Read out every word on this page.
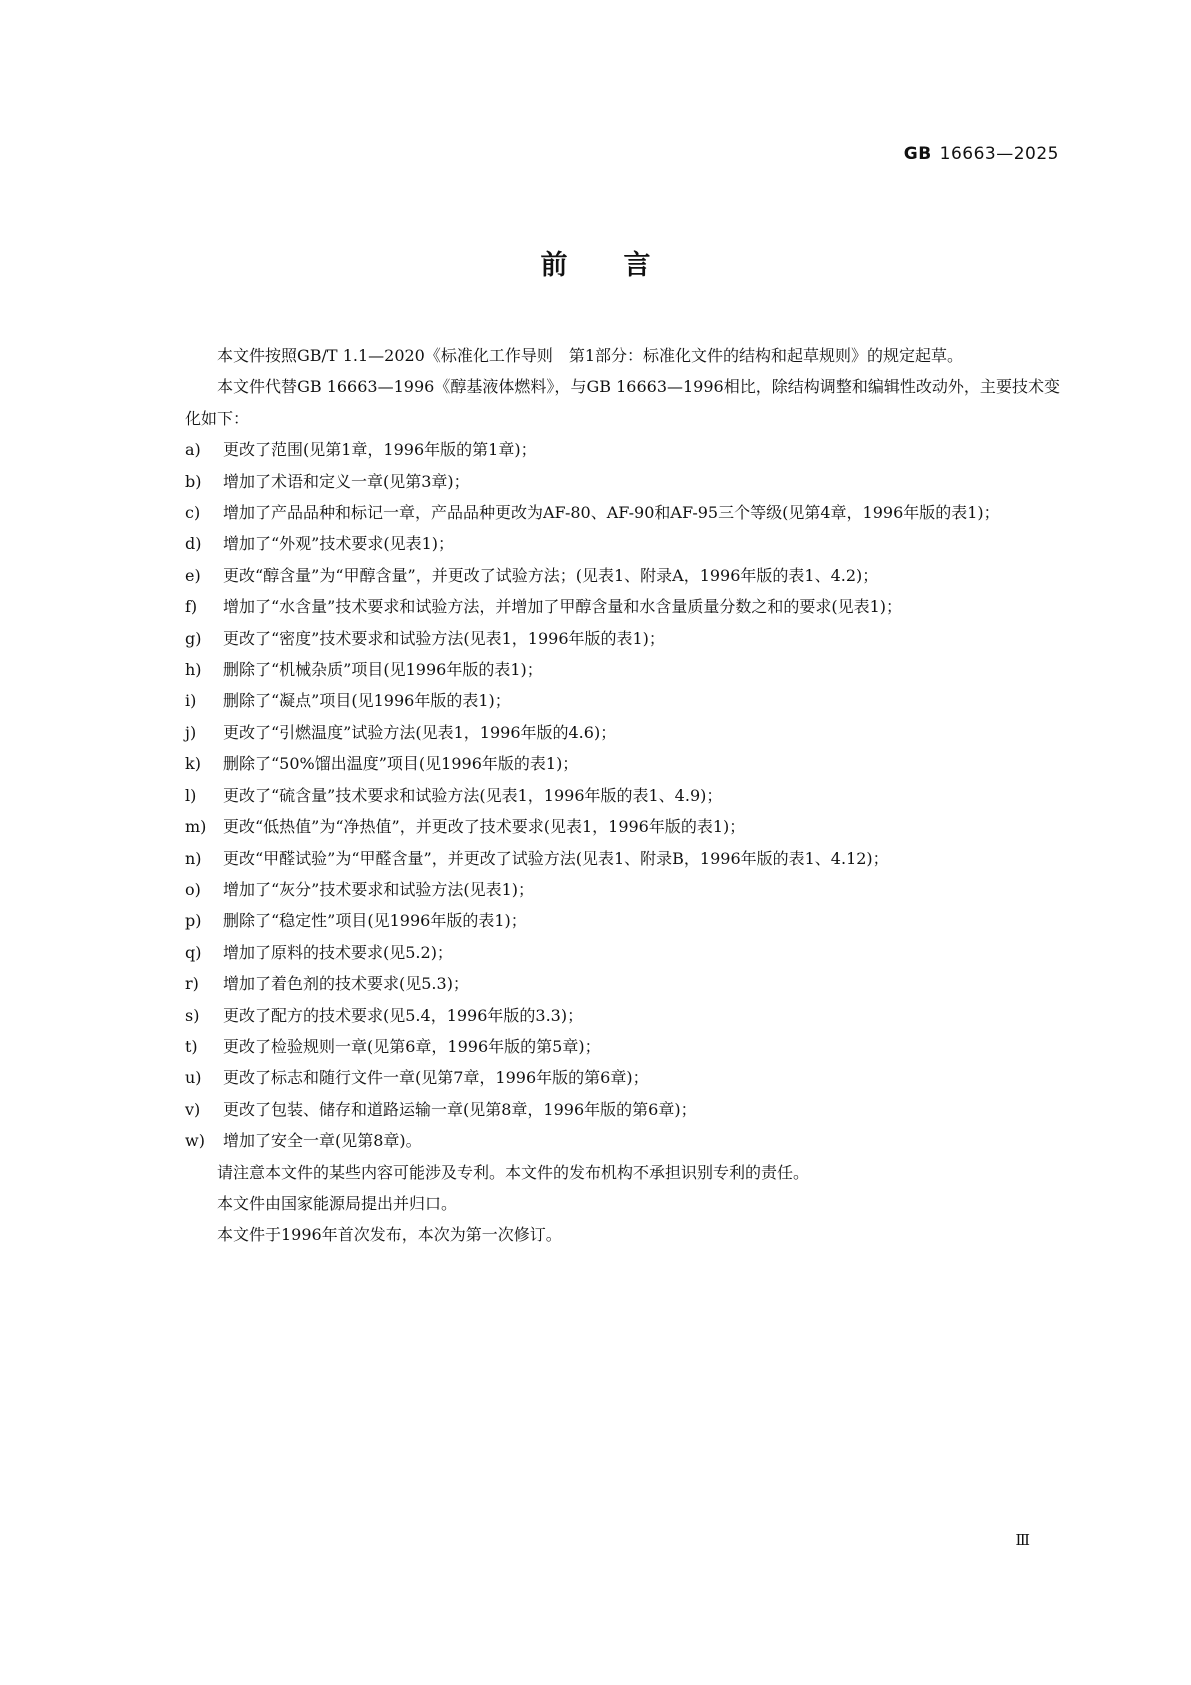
GB 16663—2025
前 言

本文件按照GB/T 1.1—2020《标准化工作导则　第1部分：标准化文件的结构和起草规则》的规定起草。

本文件代替GB 16663—1996《醇基液体燃料》，与GB 16663—1996相比，除结构调整和编辑性改动外，主要技术变化如下：

a)	更改了范围(见第1章，1996年版的第1章)；
b)	增加了术语和定义一章(见第3章)；
c)	增加了产品品种和标记一章，产品品种更改为AF-80、AF-90和AF-95三个等级(见第4章，1996年版的表1)；
d)	增加了“外观”技术要求(见表1)；
e)	更改“醇含量”为“甲醇含量”，并更改了试验方法；(见表1、附录A，1996年版的表1、4.2)；
f)	增加了“水含量”技术要求和试验方法，并增加了甲醇含量和水含量质量分数之和的要求(见表1)；
g)	更改了“密度”技术要求和试验方法(见表1，1996年版的表1)；
h)	删除了“机械杂质”项目(见1996年版的表1)；
i)	删除了“凝点”项目(见1996年版的表1)；
j)	更改了“引燃温度”试验方法(见表1，1996年版的4.6)；
k)	删除了“50%馏出温度”项目(见1996年版的表1)；
l)	更改了“硫含量”技术要求和试验方法(见表1，1996年版的表1、4.9)；
m)	更改“低热值”为“净热值”，并更改了技术要求(见表1，1996年版的表1)；
n)	更改“甲醛试验”为“甲醛含量”，并更改了试验方法(见表1、附录B，1996年版的表1、4.12)；
o)	增加了“灰分”技术要求和试验方法(见表1)；
p)	删除了“稳定性”项目(见1996年版的表1)；
q)	增加了原料的技术要求(见5.2)；
r)	增加了着色剂的技术要求(见5.3)；
s)	更改了配方的技术要求(见5.4，1996年版的3.3)；
t)	更改了检验规则一章(见第6章，1996年版的第5章)；
u)	更改了标志和随行文件一章(见第7章，1996年版的第6章)；
v)	更改了包装、储存和道路运输一章(见第8章，1996年版的第6章)；
w)	增加了安全一章(见第8章)。

请注意本文件的某些内容可能涉及专利。本文件的发布机构不承担识别专利的责任。

本文件由国家能源局提出并归口。

本文件于1996年首次发布，本次为第一次修订。

Ⅲ
